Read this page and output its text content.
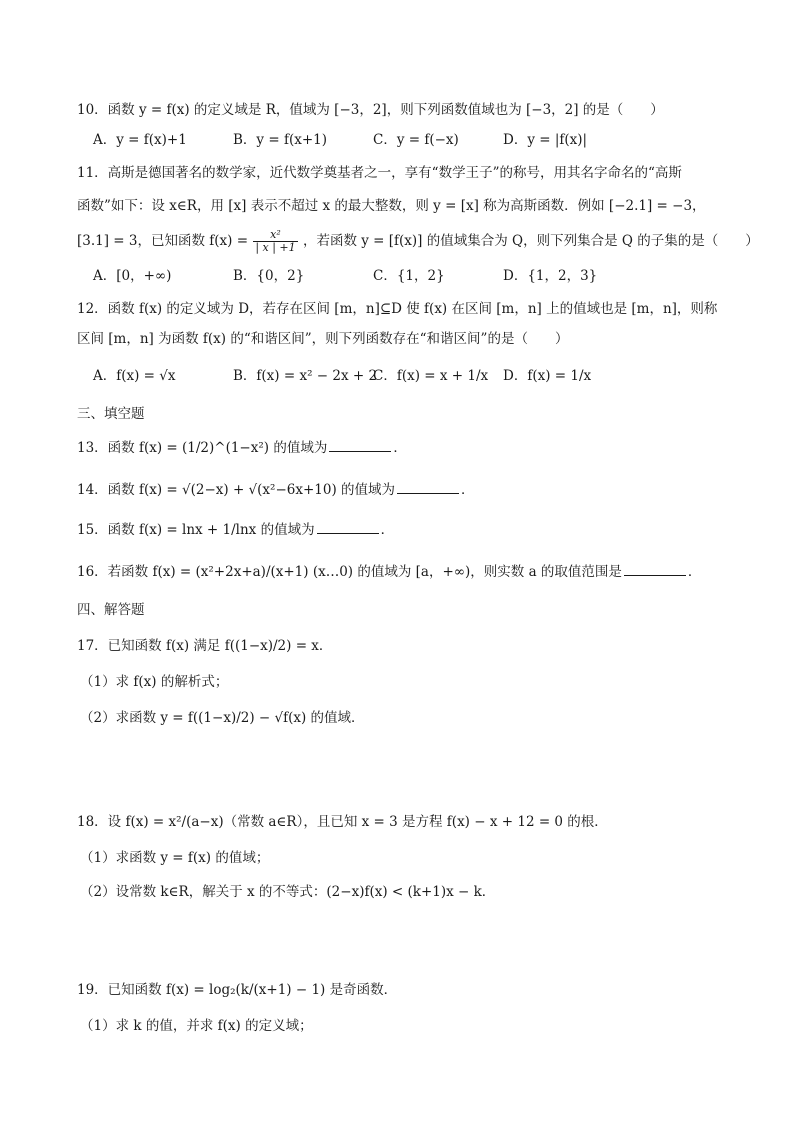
10．函数 y = f(x) 的定义域是 R，值域为 [−3，2]，则下列函数值域也为 [−3，2] 的是（　　）
A．y = f(x)+1	B．y = f(x+1)	C．y = f(−x)	D．y = |f(x)|
11．高斯是德国著名的数学家，近代数学奠基者之一，享有“数学王子”的称号，用其名字命名的“高斯
函数”如下：设 x∈R，用 [x] 表示不超过 x 的最大整数，则 y = [x] 称为高斯函数．例如 [−2.1] = −3，
[3.1] = 3，已知函数 $f(x) = \frac{\text{x²}}{| x | +1}$ ，若函数 y = [f(x)] 的值域集合为 Q，则下列集合是 Q 的子集的是（　　）
A．[0，+∞)	B．{0，2}	C．{1，2}	D．{1，2，3}
12．函数 f(x) 的定义域为 D，若存在区间 [m，n]⊆D 使 f(x) 在区间 [m，n] 上的值域也是 [m，n]，则称
区间 [m，n] 为函数 f(x) 的“和谐区间”，则下列函数存在“和谐区间”的是（　　）
A．f(x) = √x	B．f(x) = x² − 2x + 2
C．f(x) = x + 1/x D．f(x) = 1/x
三、填空题
13．函数 f(x) = (1/2)^(1−x²) 的值域为	．
14．函数 f(x) = √(2−x) + √(x²−6x+10) 的值域为	．
15．函数 f(x) = lnx + 1/lnx 的值域为	．
16．若函数 f(x) = (x²+2x+a)/(x+1) (x…0) 的值域为 [a，+∞)，则实数 a 的取值范围是	．
四、解答题
17．已知函数 f(x) 满足 f((1−x)/2) = x．
（1）求 f(x) 的解析式；
（2）求函数 y = f((1−x)/2) − √f(x) 的值域．
18．设 f(x) = x²/(a−x)（常数 a∈R），且已知 x = 3 是方程 f(x) − x + 12 = 0 的根．
（1）求函数 y = f(x) 的值域；
（2）设常数 k∈R，解关于 x 的不等式：(2−x)f(x) < (k+1)x − k．
19．已知函数 f(x) = log₂(k/(x+1) − 1) 是奇函数．
（1）求 k 的值，并求 f(x) 的定义域；
